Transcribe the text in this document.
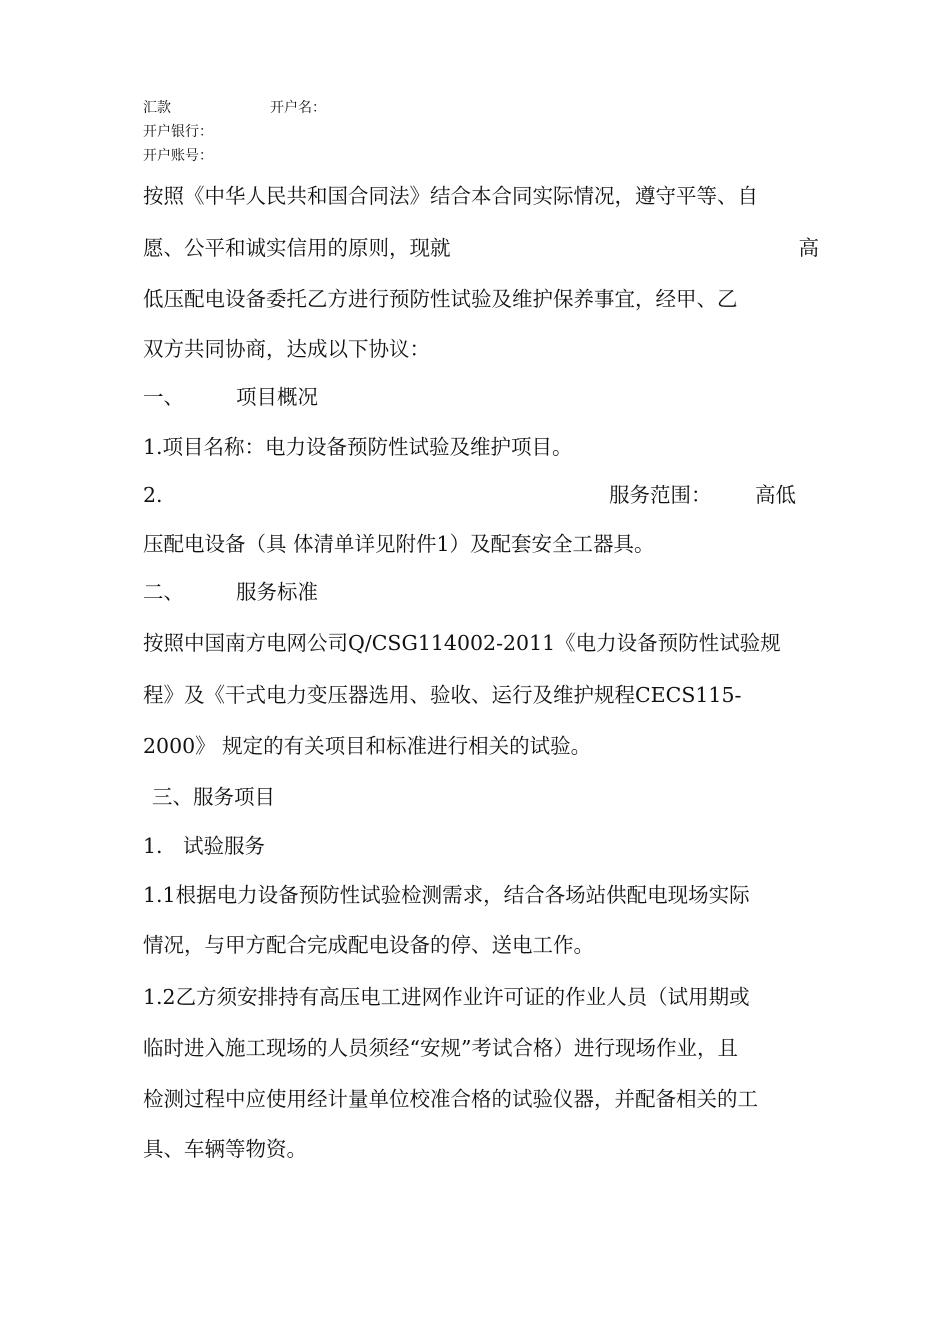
汇款	开户名：
开户银行：
开户账号：
按照《中华人民共和国合同法》结合本合同实际情况，遵守平等、自
愿、公平和诚实信用的原则，现就	高
低压配电设备委托乙方进行预防性试验及维护保养事宜，经甲、乙
双方共同协商，达成以下协议：
一、	项目概况
1.项目名称：电力设备预防性试验及维护项目。
2.	服务范围： 高低
压配电设备（具 体清单详见附件1）及配套安全工器具。
二、	服务标准
按照中国南方电网公司Q/CSG114002-2011《电力设备预防性试验规
程》及《干式电力变压器选用、验收、运行及维护规程CECS115-
2000》 规定的有关项目和标准进行相关的试验。
三、服务项目
1.　试验服务
1.1根据电力设备预防性试验检测需求，结合各场站供配电现场实际
情况，与甲方配合完成配电设备的停、送电工作。
1.2乙方须安排持有高压电工进网作业许可证的作业人员（试用期或
临时进入施工现场的人员须经“安规”考试合格）进行现场作业，且
检测过程中应使用经计量单位校准合格的试验仪器，并配备相关的工
具、车辆等物资。
